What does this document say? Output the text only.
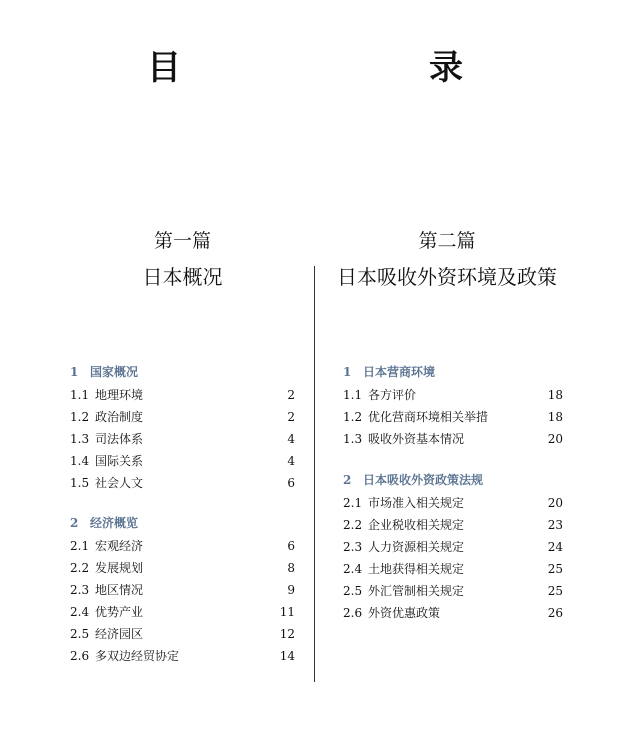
目　　录
第一篇
日本概况
1 国家概况
1.1 地理环境	2
1.2 政治制度	2
1.3 司法体系	4
1.4 国际关系	4
1.5 社会人文	6
2 经济概览
2.1 宏观经济	6
2.2 发展规划	8
2.3 地区情况	9
2.4 优势产业	11
2.5 经济园区	12
2.6 多双边经贸协定	14
第二篇
日本吸收外资环境及政策
1 日本营商环境
1.1 各方评价	18
1.2 优化营商环境相关举措	18
1.3 吸收外资基本情况	20
2 日本吸收外资政策法规
2.1 市场准入相关规定	20
2.2 企业税收相关规定	23
2.3 人力资源相关规定	24
2.4 土地获得相关规定	25
2.5 外汇管制相关规定	25
2.6 外资优惠政策	26
